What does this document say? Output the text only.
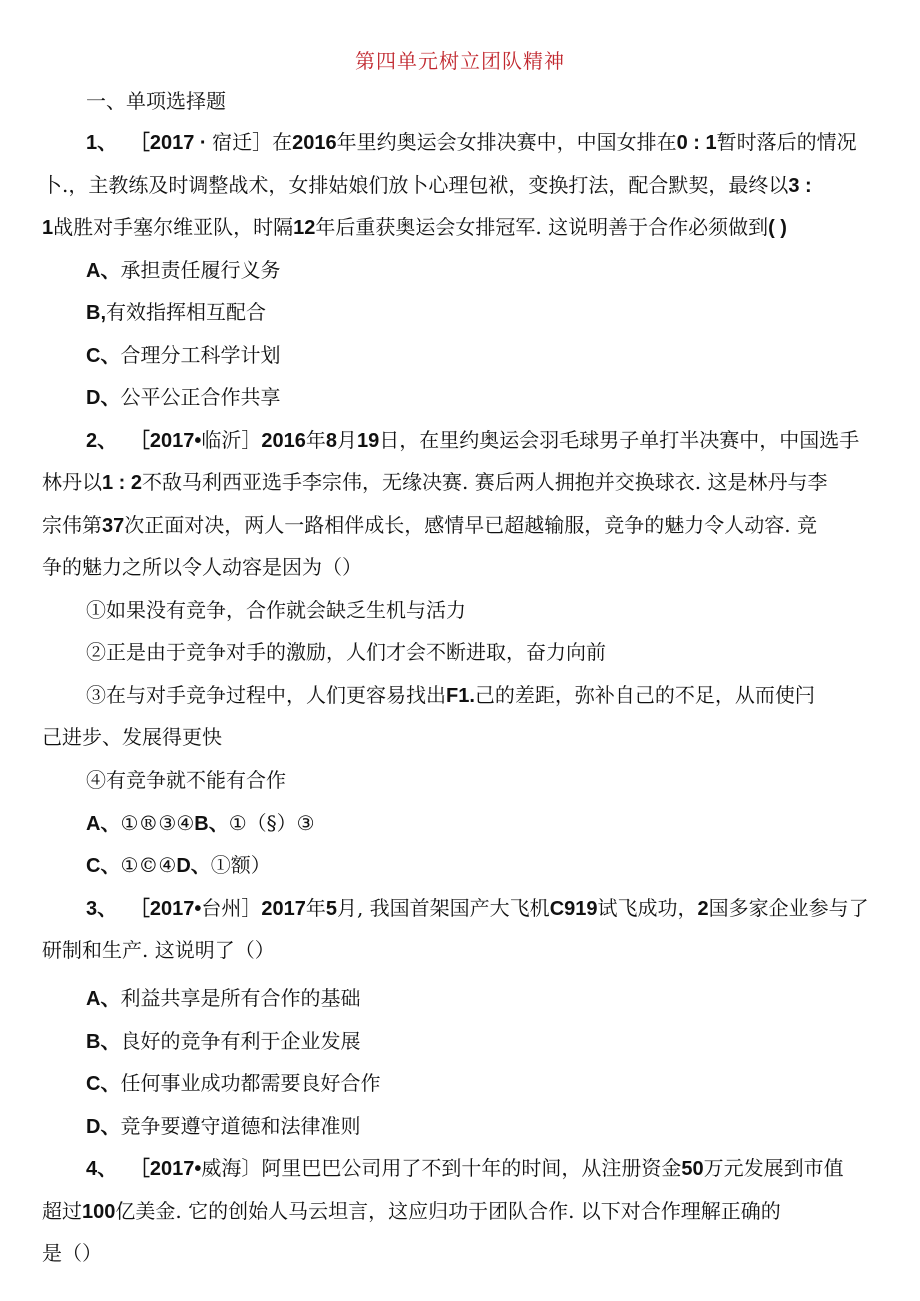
第四单元树立团队精神
一、单项选择题
1、 ［2017 · 宿迁］在2016年里约奥运会女排决赛中，中国女排在0 : 1暂时落后的情况
卜.，主教练及时调整战术，女排姑娘们放卜心理包袱，变换打法，配合默契，最终以3 :
1战胜对手塞尔维亚队，时隔12年后重获奥运会女排冠军. 这说明善于合作必须做到( )
A、承担责任履行义务
B,有效指挥相互配合
C、合理分工科学计划
D、公平公正合作共享
2、 ［2017•临沂］2016年8月19日，在里约奥运会羽毛球男子单打半决赛中，中国选手
林丹以1 : 2不敌马利西亚选手李宗伟，无缘决赛. 赛后两人拥抱并交换球衣. 这是林丹与李
宗伟第37次正面对决，两人一路相伴成长，感情早已超越输服，竞争的魅力令人动容. 竞
争的魅力之所以令人动容是因为（）
①如果没有竞争，合作就会缺乏生机与活力
②正是由于竞争对手的激励，人们才会不断进取，奋力向前
③在与对手竞争过程中，人们更容易找出F1.己的差距，弥补自己的不足，从而使闩
己进步、发展得更快
④有竞争就不能有合作
A、①®③④B、①（§）③
C、①©④D、①额）
3、 ［2017•台州］2017年5月, 我国首架国产大飞机C919试飞成功，2国多家企业参与了
研制和生产. 这说明了（）
A、利益共享是所有合作的基础
B、良好的竞争有利于企业发展
C、任何事业成功都需要良好合作
D、竞争要遵守道德和法律准则
4、 ［2017•威海〕阿里巴巴公司用了不到十年的时间，从注册资金50万元发展到市值
超过100亿美金. 它的创始人马云坦言，这应归功于团队合作. 以下对合作理解正确的
是（）
